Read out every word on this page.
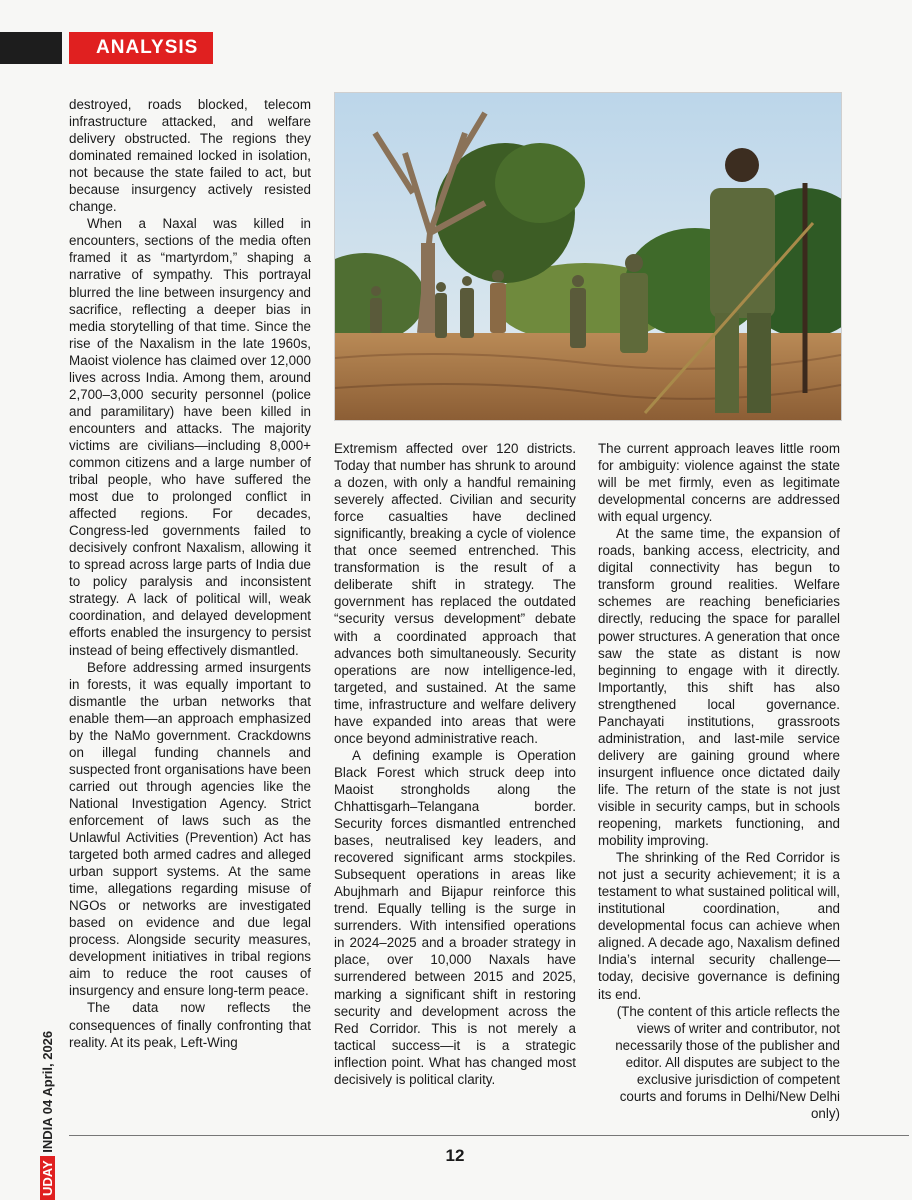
ANALYSIS

destroyed, roads blocked, telecom infrastructure attacked, and welfare delivery obstructed. The regions they dominated remained locked in isolation, not because the state failed to act, but because insurgency actively resisted change.

When a Naxal was killed in encounters, sections of the media often framed it as “martyrdom,” shaping a narrative of sympathy. This portrayal blurred the line between insurgency and sacrifice, reflecting a deeper bias in media storytelling of that time. Since the rise of the Naxalism in the late 1960s, Maoist violence has claimed over 12,000 lives across India. Among them, around 2,700–3,000 security personnel (police and paramilitary) have been killed in encounters and attacks. The majority victims are civilians—including 8,000+ common citizens and a large number of tribal people, who have suffered the most due to prolonged conflict in affected regions. For decades, Congress-led governments failed to decisively confront Naxalism, allowing it to spread across large parts of India due to policy paralysis and inconsistent strategy. A lack of political will, weak coordination, and delayed development efforts enabled the insurgency to persist instead of being effectively dismantled.

Before addressing armed insurgents in forests, it was equally important to dismantle the urban networks that enable them—an approach emphasized by the NaMo government. Crackdowns on illegal funding channels and suspected front organisations have been carried out through agencies like the National Investigation Agency. Strict enforcement of laws such as the Unlawful Activities (Prevention) Act has targeted both armed cadres and alleged urban support systems. At the same time, allegations regarding misuse of NGOs or networks are investigated based on evidence and due legal process. Alongside security measures, development initiatives in tribal regions aim to reduce the root causes of insurgency and ensure long-term peace.

The data now reflects the consequences of finally confronting that reality. At its peak, Left-Wing

Extremism affected over 120 districts. Today that number has shrunk to around a dozen, with only a handful remaining severely affected. Civilian and security force casualties have declined significantly, breaking a cycle of violence that once seemed entrenched. This transformation is the result of a deliberate shift in strategy. The government has replaced the outdated “security versus development” debate with a coordinated approach that advances both simultaneously. Security operations are now intelligence-led, targeted, and sustained. At the same time, infrastructure and welfare delivery have expanded into areas that were once beyond administrative reach.

A defining example is Operation Black Forest which struck deep into Maoist strongholds along the Chhattisgarh–Telangana border. Security forces dismantled entrenched bases, neutralised key leaders, and recovered significant arms stockpiles. Subsequent operations in areas like Abujhmarh and Bijapur reinforce this trend. Equally telling is the surge in surrenders. With intensified operations in 2024–2025 and a broader strategy in place, over 10,000 Naxals have surrendered between 2015 and 2025, marking a significant shift in restoring security and development across the Red Corridor. This is not merely a tactical success—it is a strategic inflection point. What has changed most decisively is political clarity.

The current approach leaves little room for ambiguity: violence against the state will be met firmly, even as legitimate developmental concerns are addressed with equal urgency.

At the same time, the expansion of roads, banking access, electricity, and digital connectivity has begun to transform ground realities. Welfare schemes are reaching beneficiaries directly, reducing the space for parallel power structures. A generation that once saw the state as distant is now beginning to engage with it directly. Importantly, this shift has also strengthened local governance. Panchayati institutions, grassroots administration, and last-mile service delivery are gaining ground where insurgent influence once dictated daily life. The return of the state is not just visible in security camps, but in schools reopening, markets functioning, and mobility improving.

The shrinking of the Red Corridor is not just a security achievement; it is a testament to what sustained political will, institutional coordination, and developmental focus can achieve when aligned. A decade ago, Naxalism defined India’s internal security challenge—today, decisive governance is defining its end.

(The content of this article reflects the views of writer and contributor, not necessarily those of the publisher and editor. All disputes are subject to the exclusive jurisdiction of competent courts and forums in Delhi/New Delhi only)

UDAY INDIA 04 April, 2026
12
